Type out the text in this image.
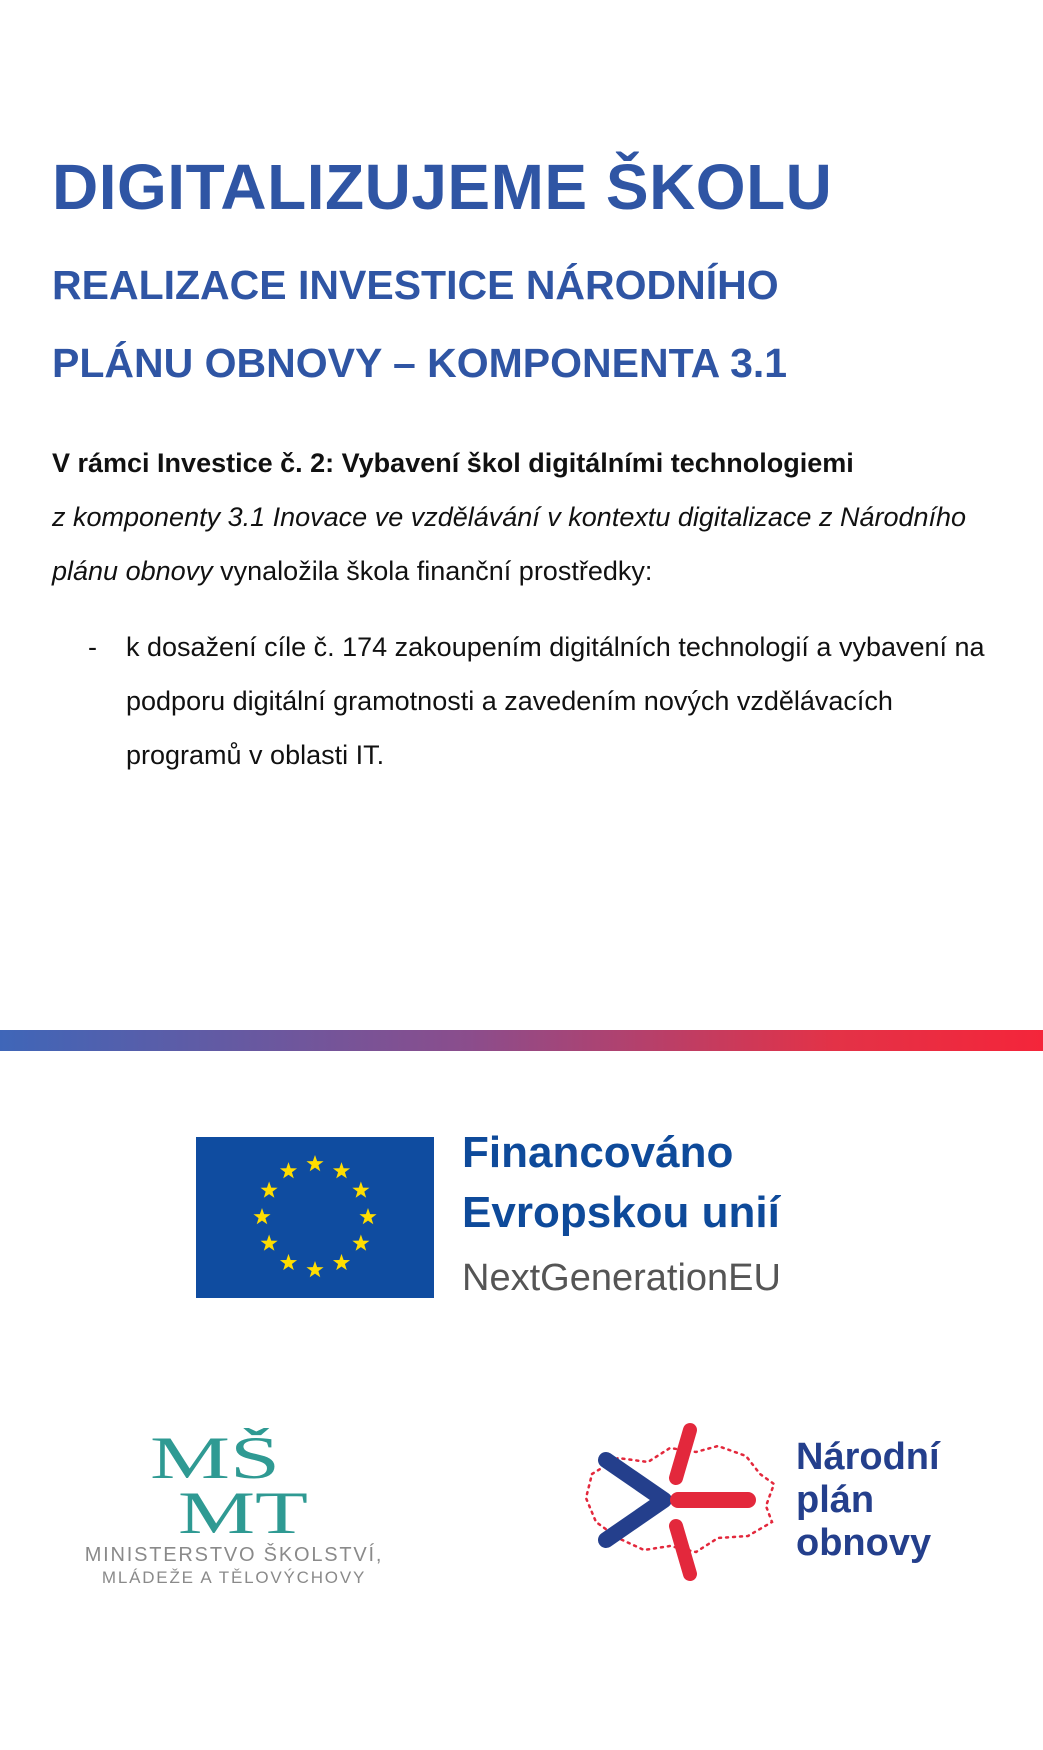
DIGITALIZUJEME ŠKOLU
REALIZACE INVESTICE NÁRODNÍHO
PLÁNU OBNOVY – KOMPONENTA 3.1

V rámci Investice č. 2: Vybavení škol digitálními technologiemi
z komponenty 3.1 Inovace ve vzdělávání v kontextu digitalizace z Národního plánu obnovy vynaložila škola finanční prostředky:

- k dosažení cíle č. 174 zakoupením digitálních technologií a vybavení na podporu digitální gramotnosti a zavedením nových vzdělávacích programů v oblasti IT.

Financováno
Evropskou unií
NextGenerationEU
MŠ
MT
MINISTERSTVO ŠKOLSTVÍ,
MLÁDEŽE A TĚLOVÝCHOVY
Národní
plán
obnovy
